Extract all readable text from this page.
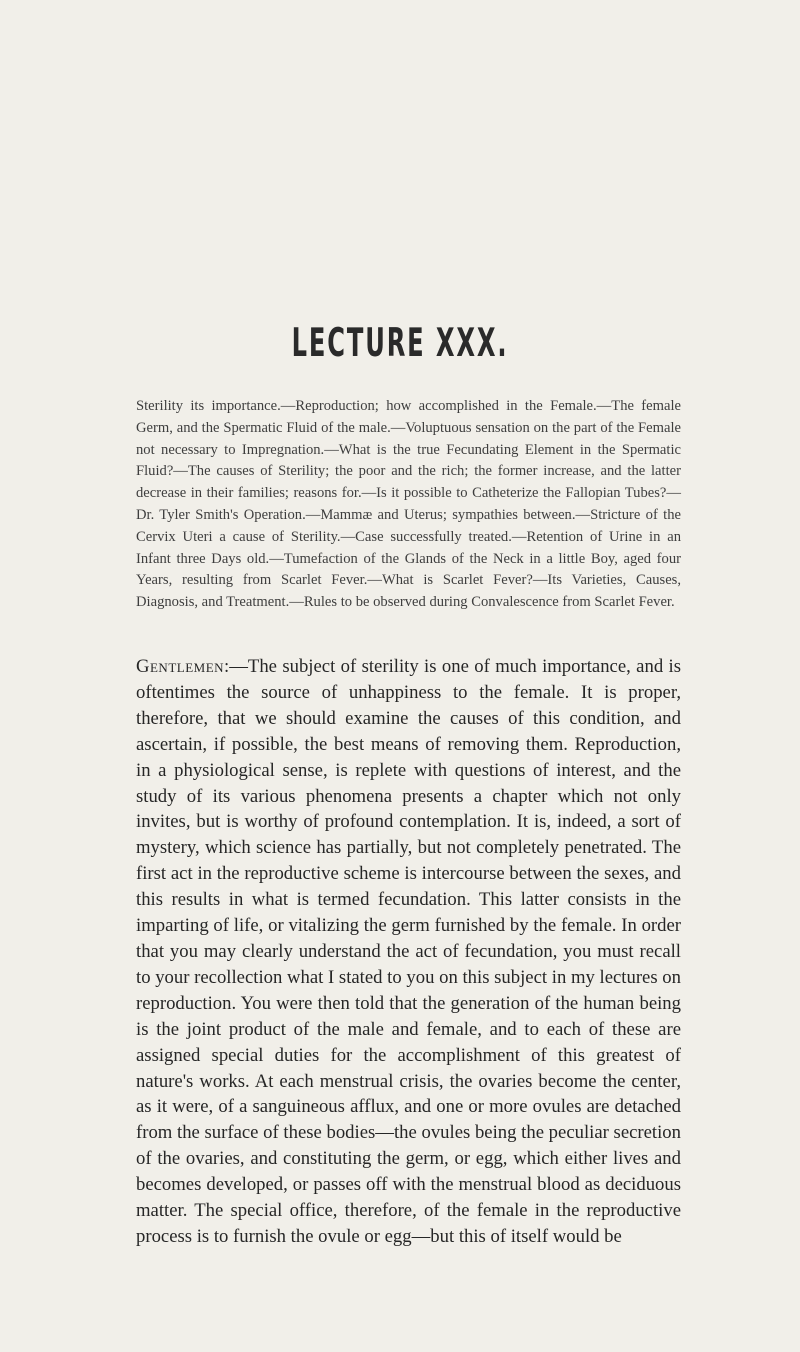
LECTURE XXX.

Sterility its importance.—Reproduction; how accomplished in the Female.—The female Germ, and the Spermatic Fluid of the male.—Voluptuous sensation on the part of the Female not necessary to Impregnation.—What is the true Fecundating Element in the Spermatic Fluid?—The causes of Sterility; the poor and the rich; the former increase, and the latter decrease in their families; reasons for.—Is it possible to Catheterize the Fallopian Tubes?—Dr. Tyler Smith's Operation.—Mammæ and Uterus; sympathies between.—Stricture of the Cervix Uteri a cause of Sterility.—Case successfully treated.—Retention of Urine in an Infant three Days old.—Tumefaction of the Glands of the Neck in a little Boy, aged four Years, resulting from Scarlet Fever.—What is Scarlet Fever?—Its Varieties, Causes, Diagnosis, and Treatment.—Rules to be observed during Convalescence from Scarlet Fever.

Gentlemen:—The subject of sterility is one of much importance, and is oftentimes the source of unhappiness to the female. It is proper, therefore, that we should examine the causes of this condition, and ascertain, if possible, the best means of removing them. Reproduction, in a physiological sense, is replete with questions of interest, and the study of its various phenomena presents a chapter which not only invites, but is worthy of profound contemplation. It is, indeed, a sort of mystery, which science has partially, but not completely penetrated. The first act in the reproductive scheme is intercourse between the sexes, and this results in what is termed fecundation. This latter consists in the imparting of life, or vitalizing the germ furnished by the female. In order that you may clearly understand the act of fecundation, you must recall to your recollection what I stated to you on this subject in my lectures on reproduction. You were then told that the generation of the human being is the joint product of the male and female, and to each of these are assigned special duties for the accomplishment of this greatest of nature's works. At each menstrual crisis, the ovaries become the center, as it were, of a sanguineous afflux, and one or more ovules are detached from the surface of these bodies—the ovules being the peculiar secretion of the ovaries, and constituting the germ, or egg, which either lives and becomes developed, or passes off with the menstrual blood as deciduous matter. The special office, therefore, of the female in the reproductive process is to furnish the ovule or egg—but this of itself would be
